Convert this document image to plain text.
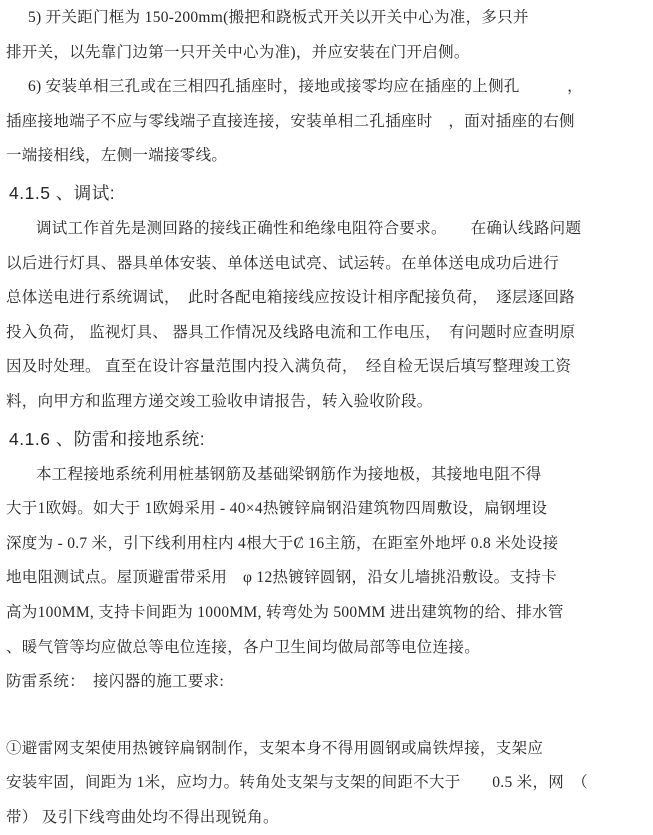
5) 开关距门框为 150-200mm(搬把和跷板式开关以开关中心为准，多只并
排开关，以先靠门边第一只开关中心为准)，并应安装在门开启侧。
6) 安装单相三孔或在三相四孔插座时，接地或接零均应在插座的上侧孔　　　，
插座接地端子不应与零线端子直接连接，安装单相二孔插座时　，面对插座的右侧
一端接相线，左侧一端接零线。
4.1.5 、调试:
调试工作首先是测回路的接线正确性和绝缘电阻符合要求。　　在确认线路问题
以后进行灯具、器具单体安装、单体送电试亮、试运转。在单体送电成功后进行
总体送电进行系统调试，　此时各配电箱接线应按设计相序配接负荷，　逐层逐回路
投入负荷， 监视灯具、 器具工作情况及线路电流和工作电压，　有问题时应查明原
因及时处理。 直至在设计容量范围内投入满负荷，　经自检无误后填写整理竣工资
料，向甲方和监理方递交竣工验收申请报告，转入验收阶段。
4.1.6 、防雷和接地系统:
本工程接地系统利用桩基钢筋及基础梁钢筋作为接地极，其接地电阻不得
大于1欧姆。如大于 1欧姆采用 - 40×4热镀锌扁钢沿建筑物四周敷设，扁钢埋设
深度为 - 0.7 米，引下线利用柱内 4根大于Ȼ 16主筋，在距室外地坪 0.8 米处设接
地电阻测试点。屋顶避雷带采用　φ 12热镀锌圆钢，沿女儿墙挑沿敷设。支持卡
高为100MM, 支持卡间距为 1000MM, 转弯处为 500MM 进出建筑物的给、排水管
、暖气管等均应做总等电位连接，各户卫生间均做局部等电位连接。
防雷系统：　接闪器的施工要求:
①避雷网支架使用热镀锌扁钢制作，支架本身不得用圆钢或扁铁焊接，支架应
安装牢固，间距为 1米，应均力。转角处支架与支架的间距不大于　　0.5 米，网　（
带） 及引下线弯曲处均不得出现锐角。
